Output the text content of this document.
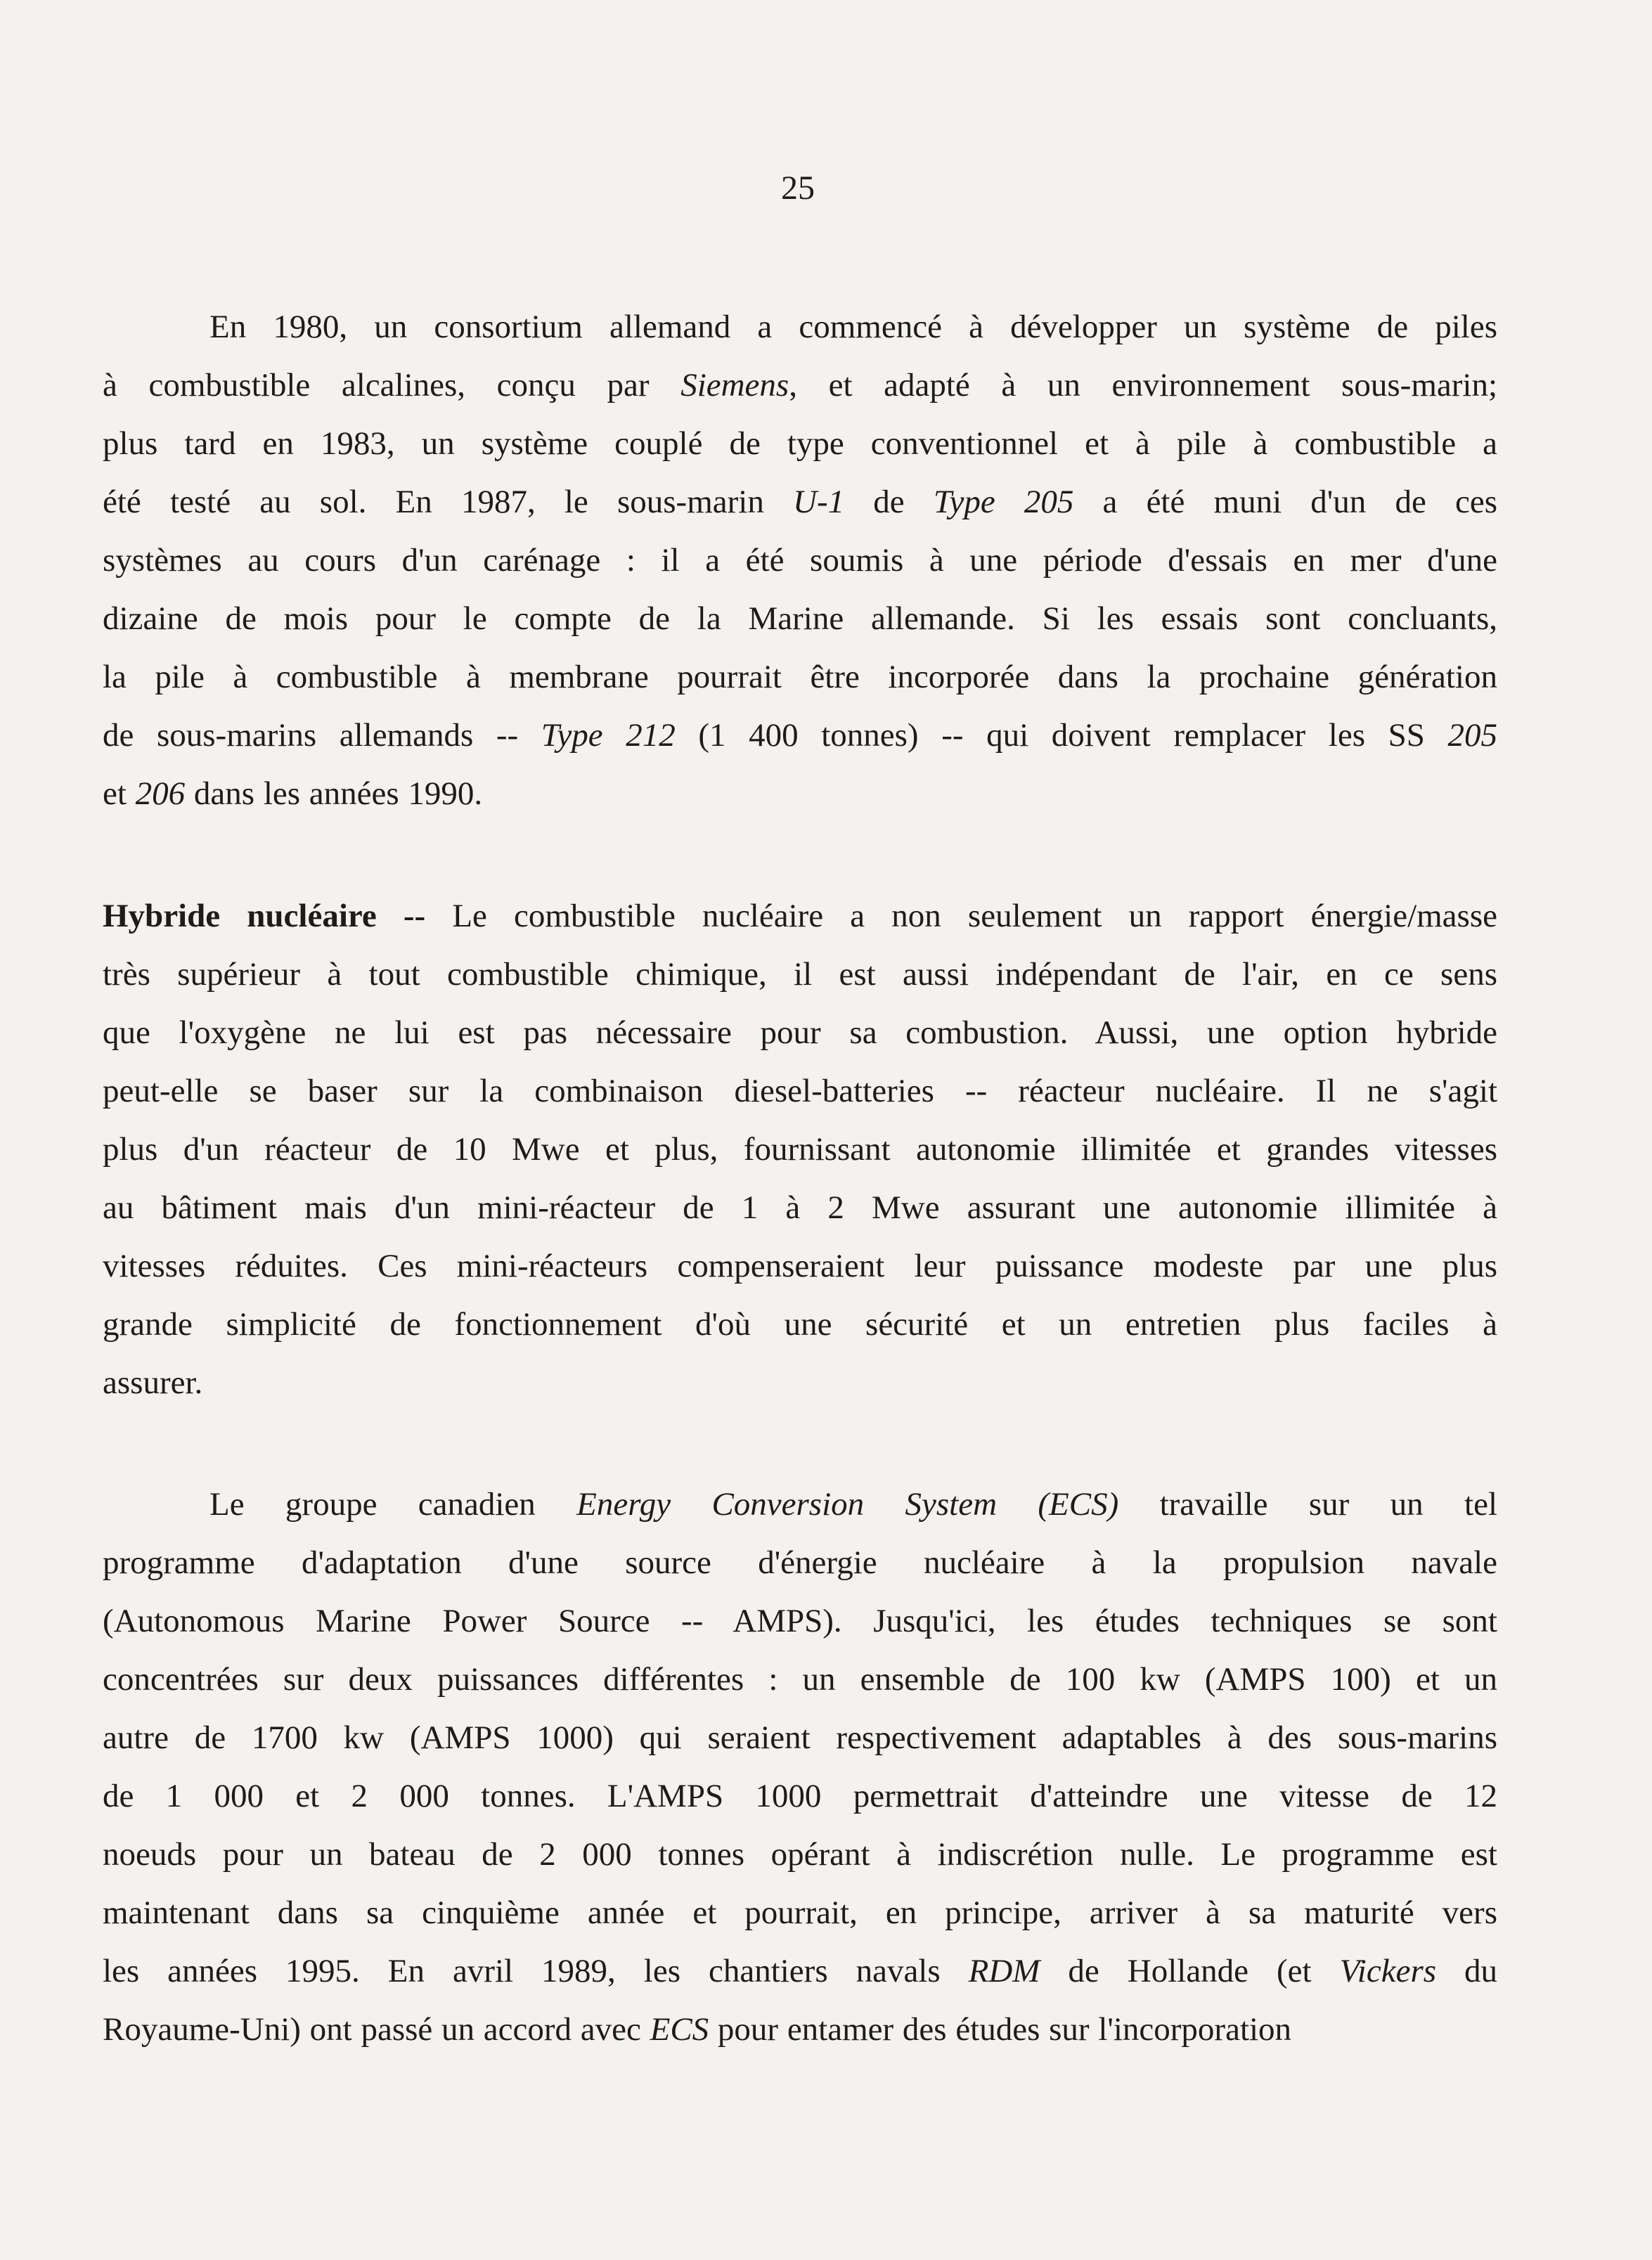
25
En 1980, un consortium allemand a commencé à développer un système de piles
à combustible alcalines, conçu par Siemens, et adapté à un environnement sous-marin;
plus tard en 1983, un système couplé de type conventionnel et à pile à combustible a
été testé au sol. En 1987, le sous-marin U-1 de Type 205 a été muni d'un de ces
systèmes au cours d'un carénage : il a été soumis à une période d'essais en mer d'une
dizaine de mois pour le compte de la Marine allemande. Si les essais sont concluants,
la pile à combustible à membrane pourrait être incorporée dans la prochaine génération
de sous-marins allemands -- Type 212 (1 400 tonnes) -- qui doivent remplacer les SS 205
et 206 dans les années 1990.
Hybride nucléaire -- Le combustible nucléaire a non seulement un rapport énergie/masse
très supérieur à tout combustible chimique, il est aussi indépendant de l'air, en ce sens
que l'oxygène ne lui est pas nécessaire pour sa combustion. Aussi, une option hybride
peut-elle se baser sur la combinaison diesel-batteries -- réacteur nucléaire. Il ne s'agit
plus d'un réacteur de 10 Mwe et plus, fournissant autonomie illimitée et grandes vitesses
au bâtiment mais d'un mini-réacteur de 1 à 2 Mwe assurant une autonomie illimitée à
vitesses réduites. Ces mini-réacteurs compenseraient leur puissance modeste par une plus
grande simplicité de fonctionnement d'où une sécurité et un entretien plus faciles à
assurer.
Le groupe canadien Energy Conversion System (ECS) travaille sur un tel
programme d'adaptation d'une source d'énergie nucléaire à la propulsion navale
(Autonomous Marine Power Source -- AMPS). Jusqu'ici, les études techniques se sont
concentrées sur deux puissances différentes : un ensemble de 100 kw (AMPS 100) et un
autre de 1700 kw (AMPS 1000) qui seraient respectivement adaptables à des sous-marins
de 1 000 et 2 000 tonnes. L'AMPS 1000 permettrait d'atteindre une vitesse de 12
noeuds pour un bateau de 2 000 tonnes opérant à indiscrétion nulle. Le programme est
maintenant dans sa cinquième année et pourrait, en principe, arriver à sa maturité vers
les années 1995. En avril 1989, les chantiers navals RDM de Hollande (et Vickers du
Royaume-Uni) ont passé un accord avec ECS pour entamer des études sur l'incorporation
